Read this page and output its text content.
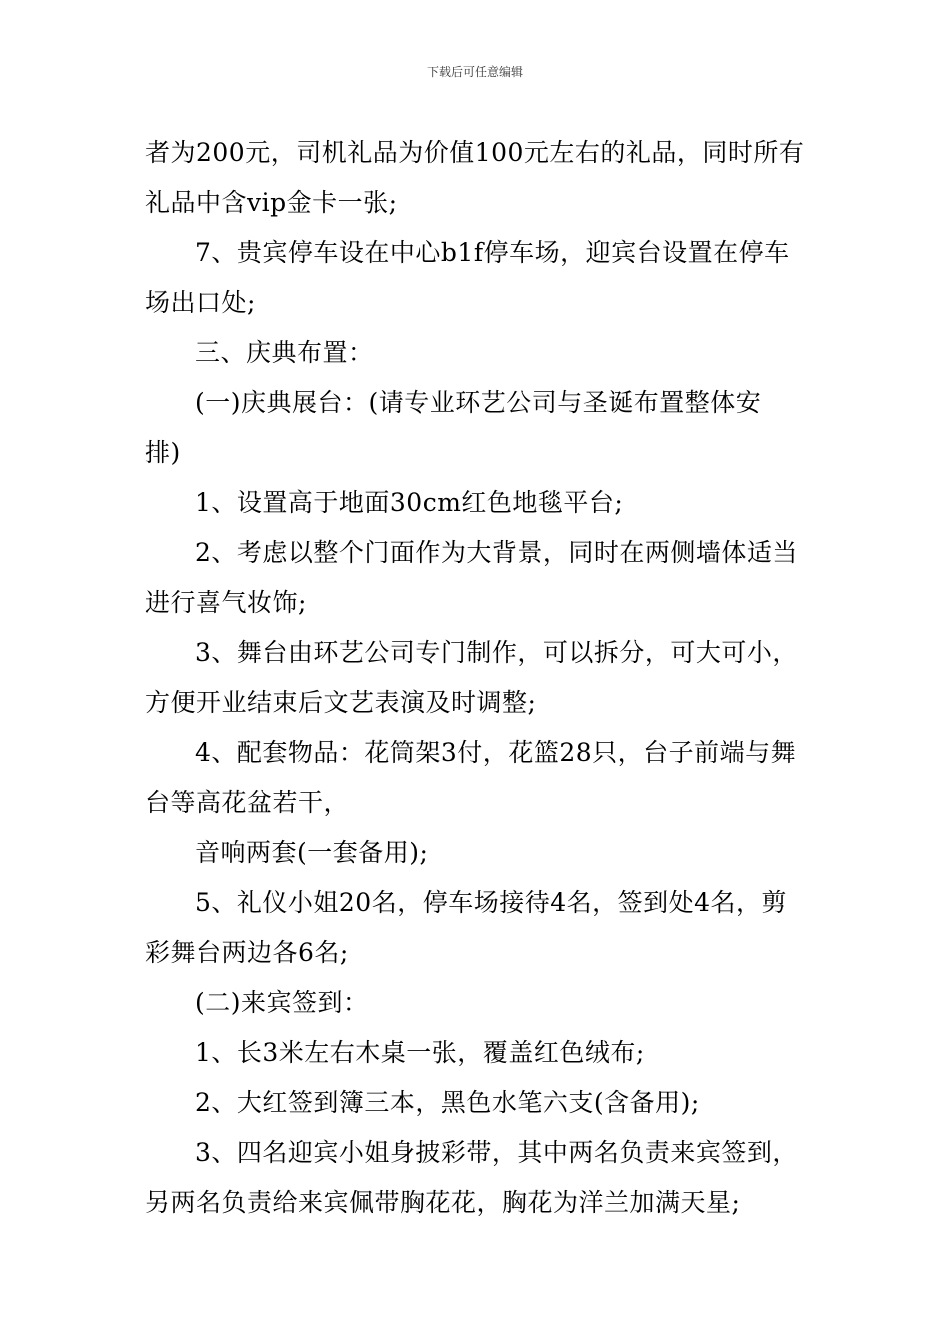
下载后可任意编辑
者为200元，司机礼品为价值100元左右的礼品，同时所有
礼品中含vip金卡一张;
7、贵宾停车设在中心b1f停车场，迎宾台设置在停车
场出口处;
三、庆典布置：
(一)庆典展台：(请专业环艺公司与圣诞布置整体安
排)
1、设置高于地面30cm红色地毯平台;
2、考虑以整个门面作为大背景，同时在两侧墙体适当
进行喜气妆饰;
3、舞台由环艺公司专门制作，可以拆分，可大可小，
方便开业结束后文艺表演及时调整;
4、配套物品：花筒架3付，花篮28只，台子前端与舞
台等高花盆若干，
音响两套(一套备用);
5、礼仪小姐20名，停车场接待4名，签到处4名，剪
彩舞台两边各6名;
(二)来宾签到：
1、长3米左右木桌一张，覆盖红色绒布;
2、大红签到簿三本，黑色水笔六支(含备用);
3、四名迎宾小姐身披彩带，其中两名负责来宾签到，
另两名负责给来宾佩带胸花花，胸花为洋兰加满天星;
